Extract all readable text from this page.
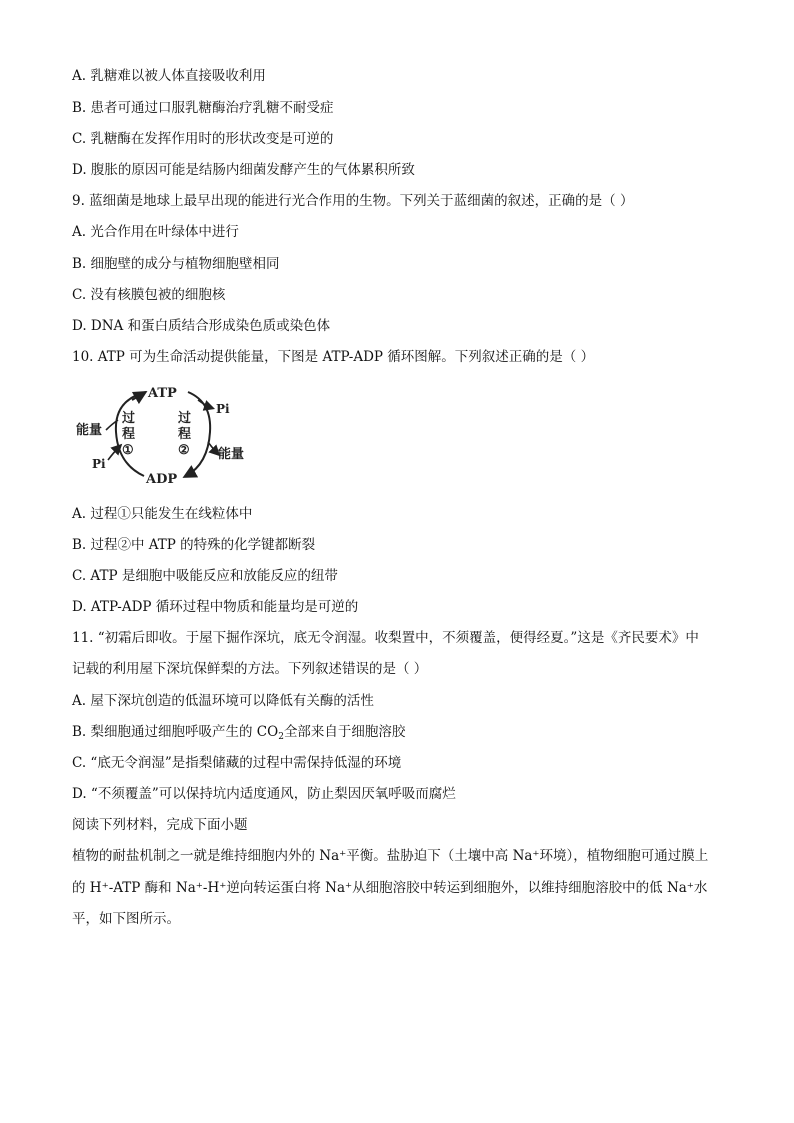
A. 乳糖难以被人体直接吸收利用
B. 患者可通过口服乳糖酶治疗乳糖不耐受症
C. 乳糖酶在发挥作用时的形状改变是可逆的
D. 腹胀的原因可能是结肠内细菌发酵产生的气体累积所致
9. 蓝细菌是地球上最早出现的能进行光合作用的生物。下列关于蓝细菌的叙述，正确的是（ ）
A. 光合作用在叶绿体中进行
B. 细胞壁的成分与植物细胞壁相同
C. 没有核膜包被的细胞核
D. DNA 和蛋白质结合形成染色质或染色体
10. ATP 可为生命活动提供能量，下图是 ATP-ADP 循环图解。下列叙述正确的是（ ）
ATP
ADP
能量
能量
Pi
Pi
过
程
①
过
程
②
A. 过程①只能发生在线粒体中
B. 过程②中 ATP 的特殊的化学键都断裂
C. ATP 是细胞中吸能反应和放能反应的纽带
D. ATP-ADP 循环过程中物质和能量均是可逆的
11. “初霜后即收。于屋下掘作深坑，底无令润湿。收梨置中，不须覆盖，便得经夏。”这是《齐民要术》中
记载的利用屋下深坑保鲜梨的方法。下列叙述错误的是（ ）
A. 屋下深坑创造的低温环境可以降低有关酶的活性
B. 梨细胞通过细胞呼吸产生的 $CO_2$全部来自于细胞溶胶
C. “底无令润湿”是指梨储藏的过程中需保持低湿的环境
D. “不须覆盖”可以保持坑内适度通风，防止梨因厌氧呼吸而腐烂
阅读下列材料，完成下面小题
植物的耐盐机制之一就是维持细胞内外的 Na⁺平衡。盐胁迫下（土壤中高 Na⁺环境），植物细胞可通过膜上
的 H⁺-ATP 酶和 Na⁺-H⁺逆向转运蛋白将 Na⁺从细胞溶胶中转运到细胞外，以维持细胞溶胶中的低 Na⁺水
平，如下图所示。
